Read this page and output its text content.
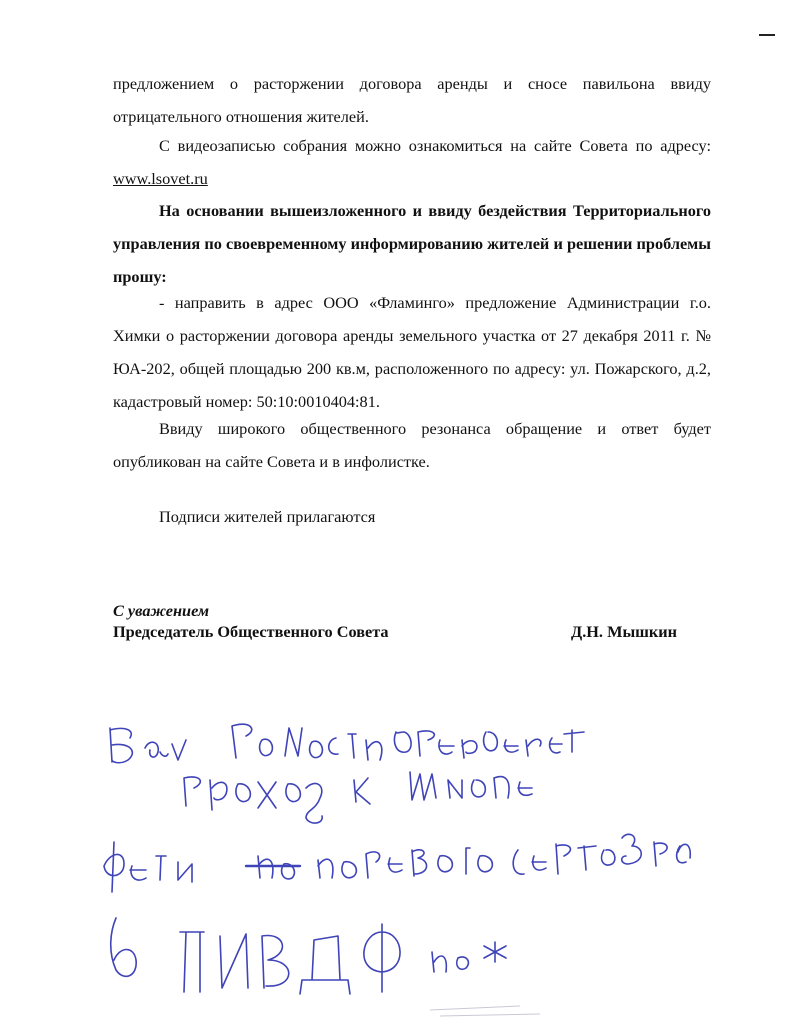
предложением о расторжении договора аренды и сносе павильона ввиду отрицательного отношения жителей.

С видеозаписью собрания можно ознакомиться на сайте Совета по адресу: www.lsovet.ru

На основании вышеизложенного и ввиду бездействия Территориального управления по своевременному информированию жителей и решении проблемы прошу:

- направить в адрес ООО «Фламинго» предложение Администрации г.о. Химки о расторжении договора аренды земельного участка от 27 декабря 2011 г. № ЮА-202, общей площадью 200 кв.м, расположенного по адресу: ул. Пожарского, д.2, кадастровый номер: 50:10:0010404:81.

Ввиду широкого общественного резонанса обращение и ответ будет опубликован на сайте Совета и в инфолистке.

Подписи жителей прилагаются
С уважением
Председатель Общественного Совета	Д.Н. Мышкин
